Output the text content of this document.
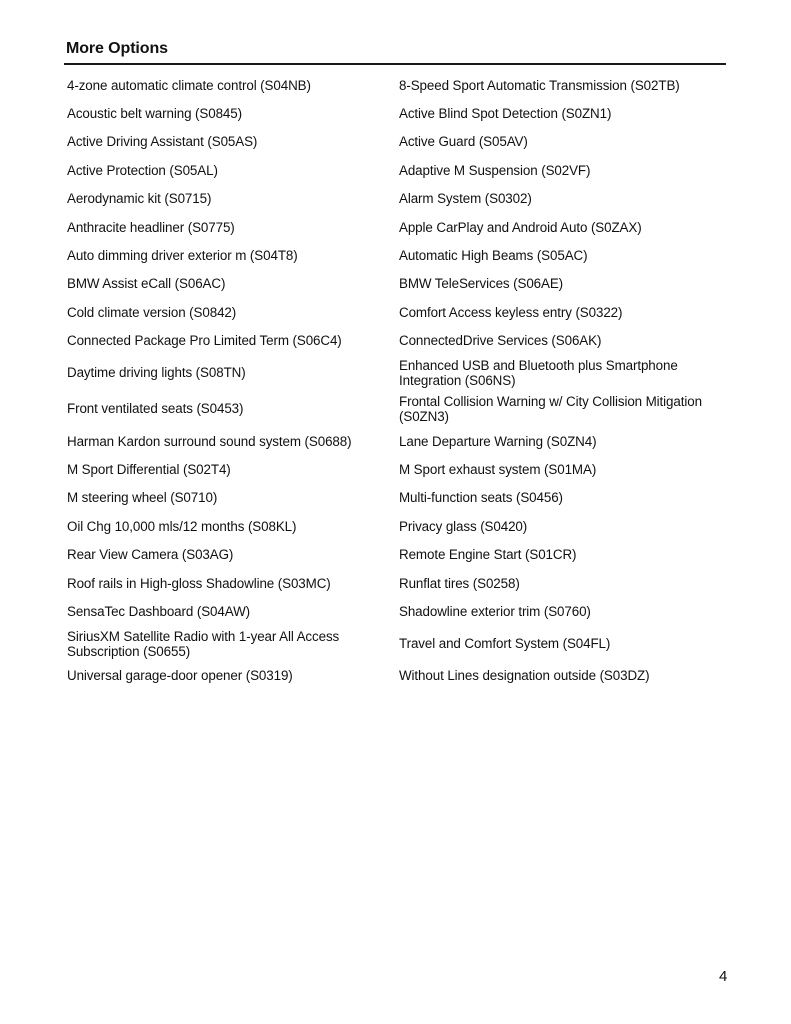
More Options
4-zone automatic climate control (S04NB)	8-Speed Sport Automatic Transmission (S02TB)
Acoustic belt warning (S0845)	Active Blind Spot Detection (S0ZN1)
Active Driving Assistant (S05AS)	Active Guard (S05AV)
Active Protection (S05AL)	Adaptive M Suspension (S02VF)
Aerodynamic kit (S0715)	Alarm System (S0302)
Anthracite headliner (S0775)	Apple CarPlay and Android Auto (S0ZAX)
Auto dimming driver exterior m (S04T8)	Automatic High Beams (S05AC)
BMW Assist eCall (S06AC)	BMW TeleServices (S06AE)
Cold climate version (S0842)	Comfort Access keyless entry (S0322)
Connected Package Pro Limited Term (S06C4)	ConnectedDrive Services (S06AK)
Daytime driving lights (S08TN)	Enhanced USB and Bluetooth plus Smartphone Integration (S06NS)
Front ventilated seats (S0453)	Frontal Collision Warning w/ City Collision Mitigation (S0ZN3)
Harman Kardon surround sound system (S0688)	Lane Departure Warning (S0ZN4)
M Sport Differential (S02T4)	M Sport exhaust system (S01MA)
M steering wheel (S0710)	Multi-function seats (S0456)
Oil Chg 10,000 mls/12 months (S08KL)	Privacy glass (S0420)
Rear View Camera (S03AG)	Remote Engine Start (S01CR)
Roof rails in High-gloss Shadowline (S03MC)	Runflat tires (S0258)
SensaTec Dashboard (S04AW)	Shadowline exterior trim (S0760)
SiriusXM Satellite Radio with 1-year All Access Subscription (S0655)	Travel and Comfort System (S04FL)
Universal garage-door opener (S0319)	Without Lines designation outside (S03DZ)
4
